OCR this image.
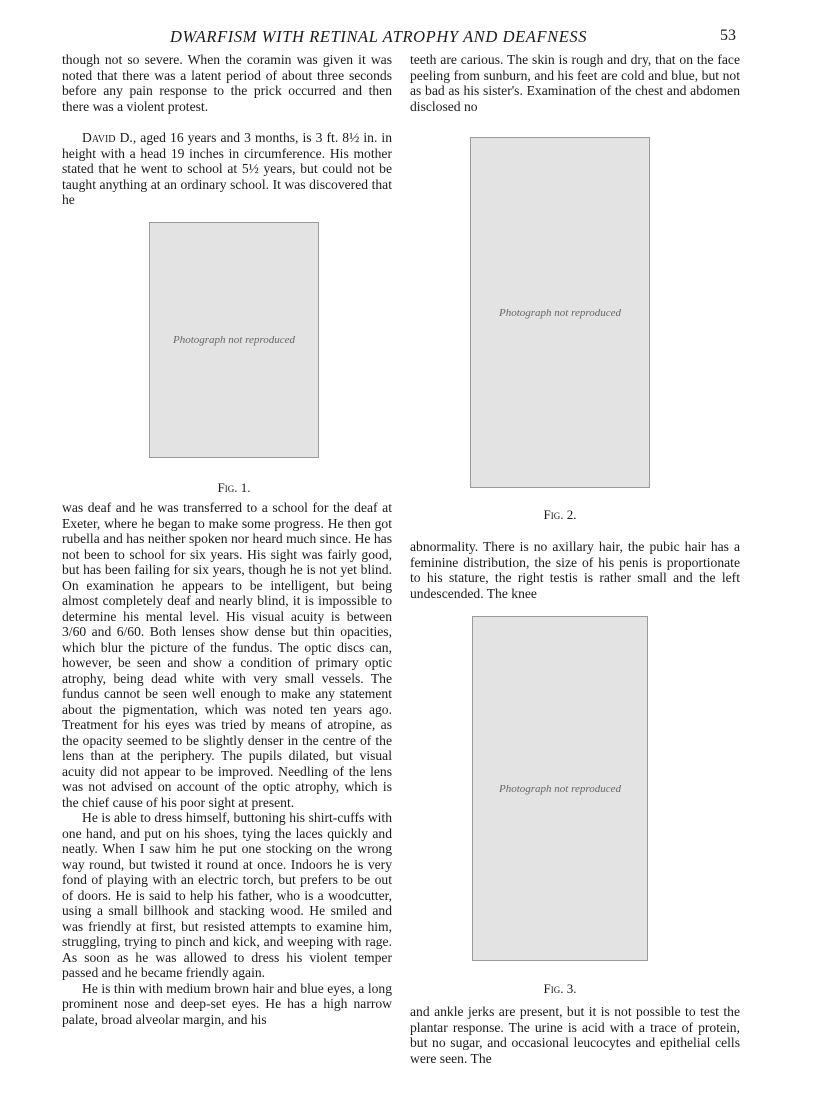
DWARFISM WITH RETINAL ATROPHY AND DEAFNESS	53

though not so severe. When the coramin was given it was noted that there was a latent period of about three seconds before any pain response to the prick occurred and then there was a violent protest.

David D., aged 16 years and 3 months, is 3 ft. 8½ in. in height with a head 19 inches in circumference. His mother stated that he went to school at 5½ years, but could not be taught anything at an ordinary school. It was discovered that he

Photograph not reproduced
Fig. 1.

was deaf and he was transferred to a school for the deaf at Exeter, where he began to make some progress. He then got rubella and has neither spoken nor heard much since. He has not been to school for six years. His sight was fairly good, but has been failing for six years, though he is not yet blind. On examination he appears to be intelligent, but being almost completely deaf and nearly blind, it is impossible to determine his mental level. His visual acuity is between 3/60 and 6/60. Both lenses show dense but thin opacities, which blur the picture of the fundus. The optic discs can, however, be seen and show a condition of primary optic atrophy, being dead white with very small vessels. The fundus cannot be seen well enough to make any statement about the pigmentation, which was noted ten years ago. Treatment for his eyes was tried by means of atropine, as the opacity seemed to be slightly denser in the centre of the lens than at the periphery. The pupils dilated, but visual acuity did not appear to be improved. Needling of the lens was not advised on account of the optic atrophy, which is the chief cause of his poor sight at present.

He is able to dress himself, buttoning his shirt-cuffs with one hand, and put on his shoes, tying the laces quickly and neatly. When I saw him he put one stocking on the wrong way round, but twisted it round at once. Indoors he is very fond of playing with an electric torch, but prefers to be out of doors. He is said to help his father, who is a woodcutter, using a small billhook and stacking wood. He smiled and was friendly at first, but resisted attempts to examine him, struggling, trying to pinch and kick, and weeping with rage. As soon as he was allowed to dress his violent temper passed and he became friendly again.

He is thin with medium brown hair and blue eyes, a long prominent nose and deep-set eyes. He has a high narrow palate, broad alveolar margin, and his

teeth are carious. The skin is rough and dry, that on the face peeling from sunburn, and his feet are cold and blue, but not as bad as his sister's. Examination of the chest and abdomen disclosed no

Photograph not reproduced
Fig. 2.

abnormality. There is no axillary hair, the pubic hair has a feminine distribution, the size of his penis is proportionate to his stature, the right testis is rather small and the left undescended. The knee

Photograph not reproduced
Fig. 3.

and ankle jerks are present, but it is not possible to test the plantar response. The urine is acid with a trace of protein, but no sugar, and occasional leucocytes and epithelial cells were seen. The
